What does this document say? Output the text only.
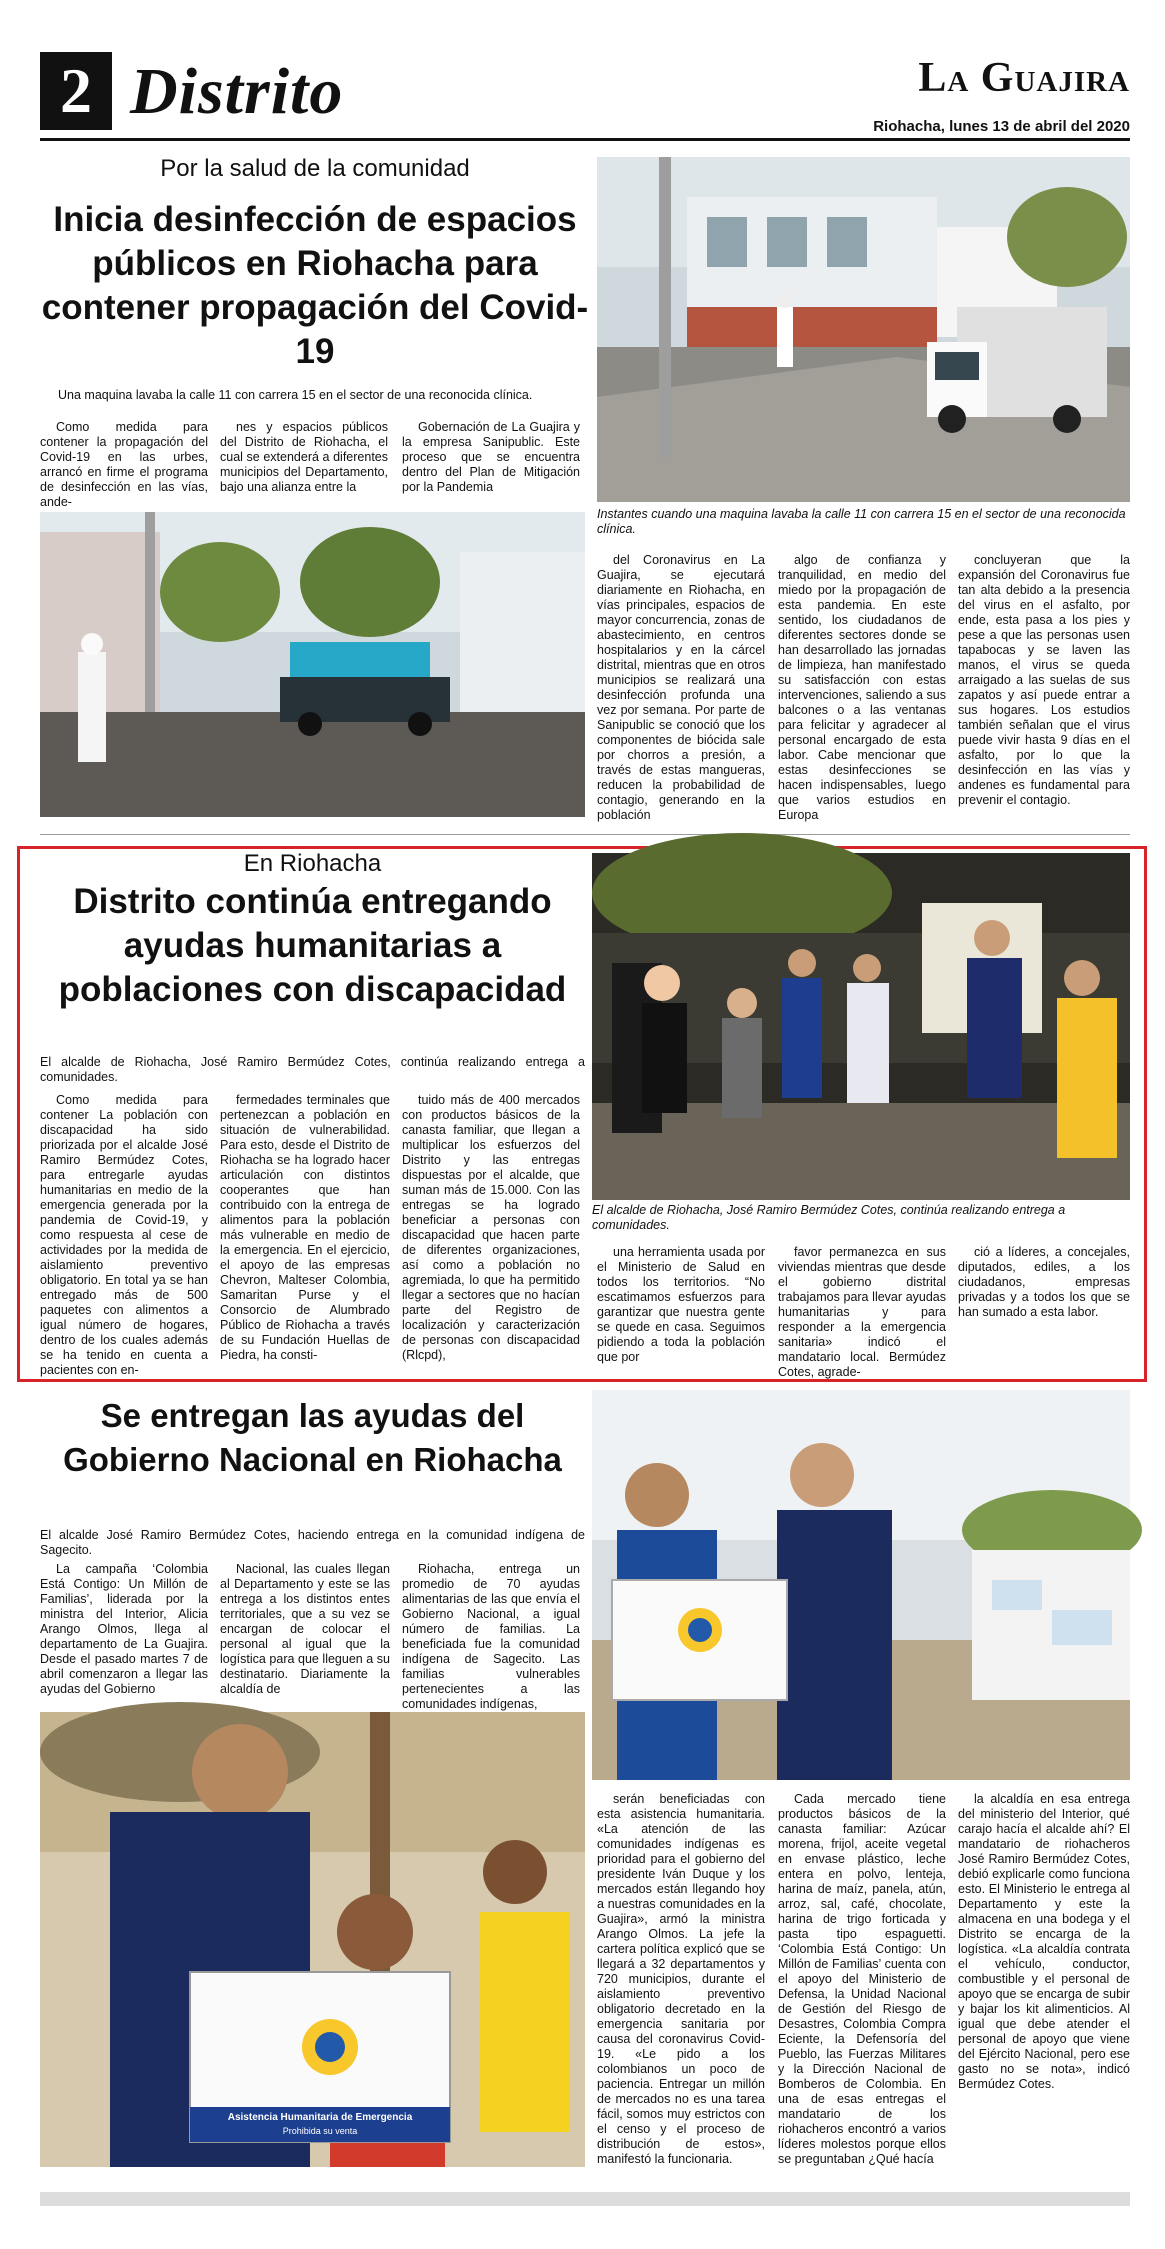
2 Distrito	La Guajira
Riohacha, lunes 13 de abril del 2020
Por la salud de la comunidad
Inicia desinfección de espacios públicos en Riohacha para contener propagación del Covid-19
Una maquina lavaba la calle 11 con carrera 15 en el sector de una reconocida clínica.
Como medida para contener la propagación del Covid-19 en las urbes, arrancó en firme el programa de desinfección en las vías, ande-
nes y espacios públicos del Distrito de Riohacha, el cual se extenderá a diferentes municipios del Departamento, bajo una alianza entre la
Gobernación de La Guajira y la empresa Sanipublic. Este proceso que se encuentra dentro del Plan de Mitigación por la Pandemia
Instantes cuando una maquina lavaba la calle 11 con carrera 15 en el sector de una reconocida clínica.
del Coronavirus en La Guajira, se ejecutará diariamente en Riohacha, en vías principales, espacios de mayor concurrencia, zonas de abastecimiento, en centros hospitalarios y en la cárcel distrital, mientras que en otros municipios se realizará una desinfección profunda una vez por semana. Por parte de Sanipublic se conoció que los componentes de biócida sale por chorros a presión, a través de estas mangueras, reducen la probabilidad de contagio, generando en la población
algo de confianza y tranquilidad, en medio del miedo por la propagación de esta pandemia. En este sentido, los ciudadanos de diferentes sectores donde se han desarrollado las jornadas de limpieza, han manifestado su satisfacción con estas intervenciones, saliendo a sus balcones o a las ventanas para felicitar y agradecer al personal encargado de esta labor. Cabe mencionar que estas desinfecciones se hacen indispensables, luego que varios estudios en Europa
concluyeran que la expansión del Coronavirus fue tan alta debido a la presencia del virus en el asfalto, por ende, esta pasa a los pies y pese a que las personas usen tapabocas y se laven las manos, el virus se queda arraigado a las suelas de sus zapatos y así puede entrar a sus hogares. Los estudios también señalan que el virus puede vivir hasta 9 días en el asfalto, por lo que la desinfección en las vías y andenes es fundamental para prevenir el contagio.
En Riohacha
Distrito continúa entregando ayudas humanitarias a poblaciones con discapacidad
El alcalde de Riohacha, José Ramiro Bermúdez Cotes, continúa realizando entrega a comunidades.
Como medida para contener La población con discapacidad ha sido priorizada por el alcalde José Ramiro Bermúdez Cotes, para entregarle ayudas humanitarias en medio de la emergencia generada por la pandemia de Covid-19, y como respuesta al cese de actividades por la medida de aislamiento preventivo obligatorio. En total ya se han entregado más de 500 paquetes con alimentos a igual número de hogares, dentro de los cuales además se ha tenido en cuenta a pacientes con en-
fermedades terminales que pertenezcan a población en situación de vulnerabilidad. Para esto, desde el Distrito de Riohacha se ha logrado hacer articulación con distintos cooperantes que han contribuido con la entrega de alimentos para la población más vulnerable en medio de la emergencia. En el ejercicio, el apoyo de las empresas Chevron, Malteser Colombia, Samaritan Purse y el Consorcio de Alumbrado Público de Riohacha a través de su Fundación Huellas de Piedra, ha consti-
tuido más de 400 mercados con productos básicos de la canasta familiar, que llegan a multiplicar los esfuerzos del Distrito y las entregas dispuestas por el alcalde, que suman más de 15.000. Con las entregas se ha logrado beneficiar a personas con discapacidad que hacen parte de diferentes organizaciones, así como a población no agremiada, lo que ha permitido llegar a sectores que no hacían parte del Registro de localización y caracterización de personas con discapacidad (Rlcpd),
El alcalde de Riohacha, José Ramiro Bermúdez Cotes, continúa realizando entrega a comunidades.
una herramienta usada por el Ministerio de Salud en todos los territorios. “No escatimamos esfuerzos para garantizar que nuestra gente se quede en casa. Seguimos pidiendo a toda la población que por
favor permanezca en sus viviendas mientras que desde el gobierno distrital trabajamos para llevar ayudas humanitarias y para responder a la emergencia sanitaria» indicó el mandatario local. Bermúdez Cotes, agrade-
ció a líderes, a concejales, diputados, ediles, a los ciudadanos, empresas privadas y a todos los que se han sumado a esta labor.
Se entregan las ayudas del Gobierno Nacional en Riohacha
El alcalde José Ramiro Bermúdez Cotes, haciendo entrega en la comunidad indígena de Sagecito.
La campaña ‘Colombia Está Contigo: Un Millón de Familias’, liderada por la ministra del Interior, Alicia Arango Olmos, llega al departamento de La Guajira. Desde el pasado martes 7 de abril comenzaron a llegar las ayudas del Gobierno
Nacional, las cuales llegan al Departamento y este se las entrega a los distintos entes territoriales, que a su vez se encargan de colocar el personal al igual que la logística para que lleguen a su destinatario. Diariamente la alcaldía de
Riohacha, entrega un promedio de 70 ayudas alimentarias de las que envía el Gobierno Nacional, a igual número de familias. La beneficiada fue la comunidad indígena de Sagecito. Las familias vulnerables pertenecientes a las comunidades indígenas,
Asistencia Humanitaria de Emergencia
Prohibida su venta
serán beneficiadas con esta asistencia humanitaria. «La atención de las comunidades indígenas es prioridad para el gobierno del presidente Iván Duque y los mercados están llegando hoy a nuestras comunidades en la Guajira», armó la ministra Arango Olmos. La jefe la cartera política explicó que se llegará a 32 departamentos y 720 municipios, durante el aislamiento preventivo obligatorio decretado en la emergencia sanitaria por causa del coronavirus Covid-19. «Le pido a los colombianos un poco de paciencia. Entregar un millón de mercados no es una tarea fácil, somos muy estrictos con el censo y el proceso de distribución de estos», manifestó la funcionaria.
Cada mercado tiene productos básicos de la canasta familiar: Azúcar morena, frijol, aceite vegetal en envase plástico, leche entera en polvo, lenteja, harina de maíz, panela, atún, arroz, sal, café, chocolate, harina de trigo forticada y pasta tipo espaguetti. ‘Colombia Está Contigo: Un Millón de Familias’ cuenta con el apoyo del Ministerio de Defensa, la Unidad Nacional de Gestión del Riesgo de Desastres, Colombia Compra Eciente, la Defensoría del Pueblo, las Fuerzas Militares y la Dirección Nacional de Bomberos de Colombia. En una de esas entregas el mandatario de los riohacheros encontró a varios líderes molestos porque ellos se preguntaban ¿Qué hacía
la alcaldía en esa entrega del ministerio del Interior, qué carajo hacía el alcalde ahí? El mandatario de riohacheros José Ramiro Bermúdez Cotes, debió explicarle como funciona esto. El Ministerio le entrega al Departamento y este la almacena en una bodega y el Distrito se encarga de la logística. «La alcaldía contrata el vehículo, conductor, combustible y el personal de apoyo que se encarga de subir y bajar los kit alimenticios. Al igual que debe atender el personal de apoyo que viene del Ejército Nacional, pero ese gasto no se nota», indicó Bermúdez Cotes.
